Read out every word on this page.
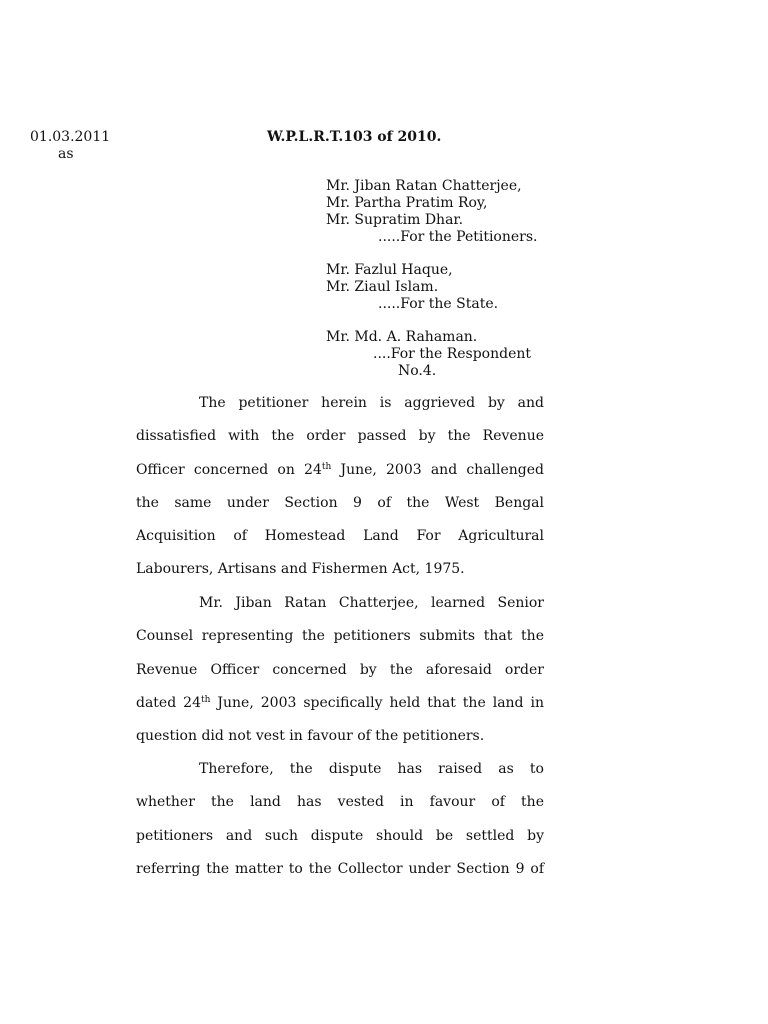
01.03.2011
as
W.P.L.R.T.103 of 2010.
Mr. Jiban Ratan Chatterjee,
Mr. Partha Pratim Roy,
Mr. Supratim Dhar.
.....For the Petitioners.
Mr. Fazlul Haque,
Mr. Ziaul Islam.
.....For the State.
Mr. Md. A. Rahaman.
....For the Respondent
No.4.
The petitioner herein is aggrieved by and
dissatisfied with the order passed by the Revenue
Officer concerned on 24th June, 2003 and challenged
the same under Section 9 of the West Bengal
Acquisition of Homestead Land For Agricultural
Labourers, Artisans and Fishermen Act, 1975.
Mr. Jiban Ratan Chatterjee, learned Senior
Counsel representing the petitioners submits that the
Revenue Officer concerned by the aforesaid order
dated 24th June, 2003 specifically held that the land in
question did not vest in favour of the petitioners.
Therefore, the dispute has raised as to
whether the land has vested in favour of the
petitioners and such dispute should be settled by
referring the matter to the Collector under Section 9 of
